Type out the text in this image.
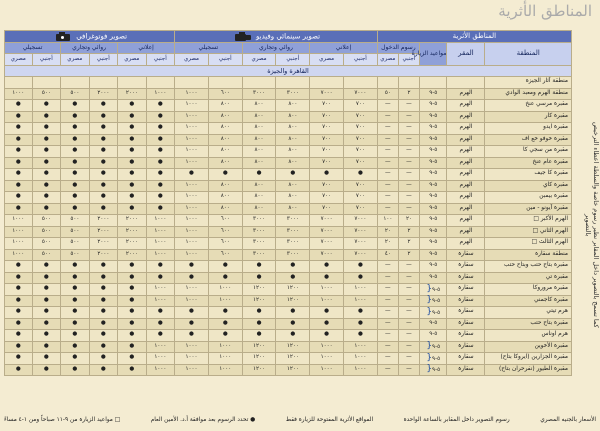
المناطق الأثرية
المناطق الأثرية					تصوير سينمائي وفيديو						تصوير فوتوغرافي					

المنطقة	المقر	مواعيد الزيارة	رسوم الدخول		إعلاني		روائي وتجاري		تسجيلي		إعلاني		روائي وتجاري		تسجيلي	
			أجنبي	مصري	أجنبي	مصري	أجنبي	مصري	أجنبي	مصري	أجنبي	مصري	أجنبي	مصري	أجنبي	مصري
القاهرة والجيزة																
منطقة آثار الجيزة																
منطقة الهرم ومعبد الوادي	الهرم	٥-٩	٢	٥٠	٧٠٠٠	٧٠٠٠	٣٠٠٠	٣٠٠٠	٦٠٠	١٠٠٠	١٠٠٠	٢٠٠٠	٢٠٠٠	٥٠٠	٥٠٠	١٠٠٠
مقبرة مرسي عنخ	الهرم	٥-٩	—	—	٧٠٠	٧٠٠	٨٠٠	٨٠٠	٨٠٠	١٠٠٠	●	●	●	●	●	●
مقبرة كار	الهرم	٥-٩	—	—	٧٠٠	٧٠٠	٨٠٠	٨٠٠	٨٠٠	١٠٠٠	●	●	●	●	●	●
مقبرة ايدو	الهرم	٥-٩	—	—	٧٠٠	٧٠٠	٨٠٠	٨٠٠	٨٠٠	١٠٠٠	●	●	●	●	●	●
مقبرة خوفو خع اف	الهرم	٥-٩	—	—	٧٠٠	٧٠٠	٨٠٠	٨٠٠	٨٠٠	١٠٠٠	●	●	●	●	●	●
مقبرة من سجي كا	الهرم	٥-٩	—	—	٧٠٠	٧٠٠	٨٠٠	٨٠٠	٨٠٠	١٠٠٠	●	●	●	●	●	●
مقبرة عام عنخ	الهرم	٥-٩	—	—	٧٠٠	٧٠٠	٨٠٠	٨٠٠	٨٠٠	١٠٠٠	●	●	●	●	●	●
مقبرة كا جيف	الهرم	٥-٩	—	—	●	●	●	●	●	●	●	●	●	●	●	●
مقبرة كاي	الهرم	٥-٩	—	—	٧٠٠	٧٠٠	٨٠٠	٨٠٠	٨٠٠	١٠٠٠	●	●	●	●	●	●
مقبرة بيمبن	الهرم	٥-٩	—	—	٧٠٠	٧٠٠	٨٠٠	٨٠٠	٨٠٠	١٠٠٠	●	●	●	●	●	●
مقبرة آيونو - مين	الهرم	٥-٩	—	—	٧٠٠	٧٠٠	٨٠٠	٨٠٠	٨٠٠	١٠٠٠	●	●	●	●	●	●
الهرم الأكبر □	الهرم	٥-٩	٢٠	١٠٠	٧٠٠٠	٧٠٠٠	٣٠٠٠	٣٠٠٠	٦٠٠	١٠٠٠	١٠٠٠	٢٠٠٠	٢٠٠٠	٥٠٠	٥٠٠	١٠٠٠
الهرم الثاني □	الهرم	٥-٩	٢	٢٠	٧٠٠٠	٧٠٠٠	٣٠٠٠	٣٠٠٠	٦٠٠	١٠٠٠	١٠٠٠	٢٠٠٠	٢٠٠٠	٥٠٠	٥٠٠	١٠٠٠
الهرم الثالث □	الهرم	٥-٩	٢	٢٠	٧٠٠٠	٧٠٠٠	٣٠٠٠	٣٠٠٠	٦٠٠	١٠٠٠	١٠٠٠	٢٠٠٠	٢٠٠٠	٥٠٠	٥٠٠	١٠٠٠
منطقة سقارة	سقارة	٥-٩	٢	٤٠	٧٠٠٠	٧٠٠٠	٣٠٠٠	٣٠٠٠	٦٠٠	١٠٠٠	١٠٠٠	٢٠٠٠	٢٠٠٠	٥٠٠	٥٠٠	١٠٠٠
مقبرة بتاح حتب وبتاح حتب	سقارة	٥-٩	—	—	●	●	●	●	●	●	●	●	●	●	●	●
مقبرة تي	سقارة	٥-٩	—	—	●	●	●	●	●	●	●	●	●	●	●	●
مقبرة مروروكا	سقارة	٥-٩{	—	—	١٠٠٠	١٠٠٠	١٢٠٠	١٢٠٠	١٠٠٠	١٠٠٠	١٠٠٠	●	●	●	●	●
مقبرة كاجمني	سقارة	٥-٩{	—	—	١٠٠٠	١٠٠٠	١٢٠٠	١٢٠٠	١٠٠٠	١٠٠٠	١٠٠٠	●	●	●	●	●
هرم تيتي	سقارة	٥-٩{	—	—	●	●	●	●	●	●	●	●	●	●	●	●
مقبرة بتاح حتب	سقارة	٥-٩	—	—	●	●	●	●	●	●	●	●	●	●	●	●
هرم اوناس	سقارة	٥-٩	—	—	●	●	●	●	●	●	●	●	●	●	●	●
مقبرة الأخوين	سقارة	٥-٩{	—	—	١٠٠٠	١٠٠٠	١٢٠٠	١٢٠٠	١٠٠٠	١٠٠٠	١٠٠٠	●	●	●	●	●
مقبرة الجزارين (ايروكا بتاح)	سقارة	٥-٩{	—	—	١٠٠٠	١٠٠٠	١٢٠٠	١٢٠٠	١٠٠٠	١٠٠٠	١٠٠٠	●	●	●	●	●
مقبرة الطيور (نفرحران بتاح)	سقارة	٥-٩{	—	—	١٠٠٠	١٠٠٠	١٢٠٠	١٢٠٠	١٠٠٠	١٠٠٠	١٠٠٠	●	●	●	●	●
كما تسمح بالتصوير داخل المقابر نظير رسوم خاصة والسلطة اعطاء الترخيص بالتصوير
الأسعار بالجنيه المصري
رسوم التصوير داخل المقابر بالساعة الواحدة
المواقع الأثرية المفتوحة للزيارة فقط
● تحدد الرسوم بعد موافقة أ.د. الأمين العام
□ مواعيد الزيارة من ٩-١١ صباحاً ومن ١-٤ مساءً
